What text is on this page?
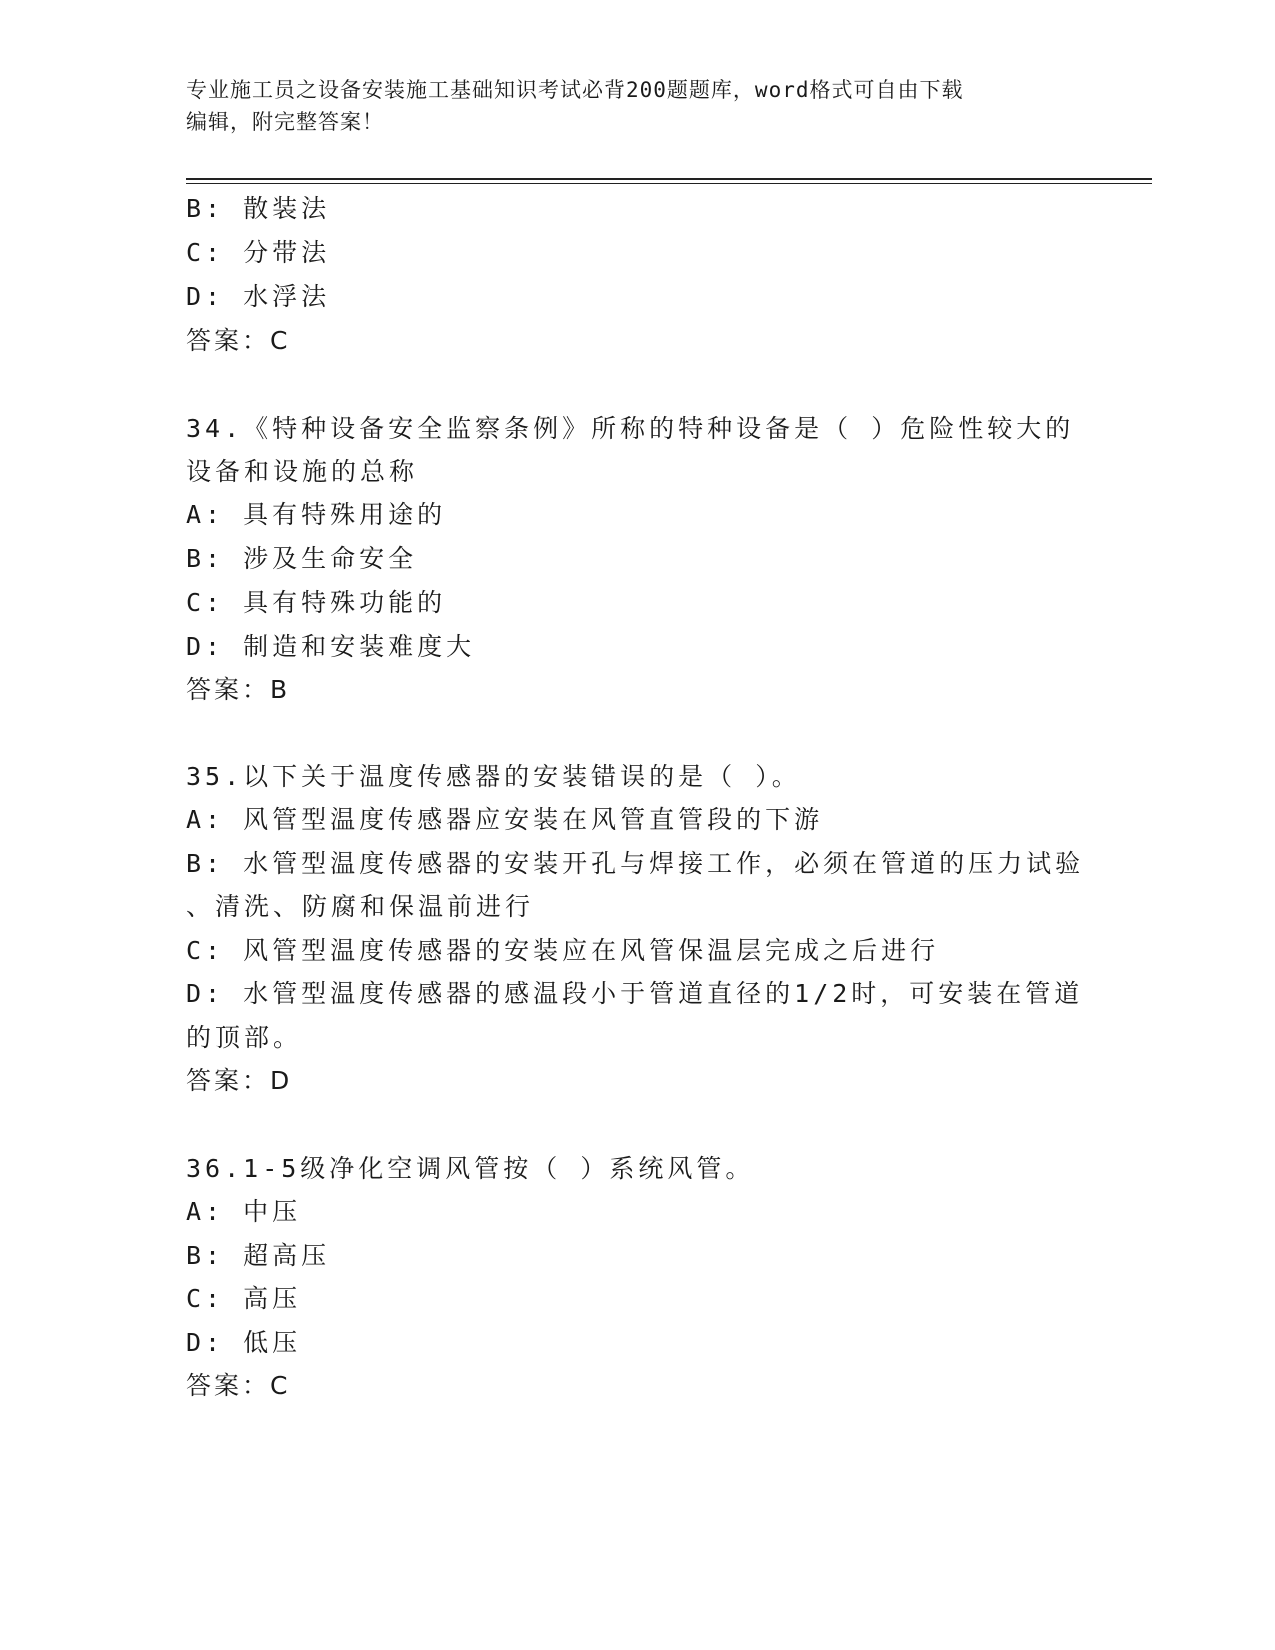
专业施工员之设备安装施工基础知识考试必背200题题库，word格式可自由下载
编辑，附完整答案！
B: 散装法
C: 分带法
D: 水浮法
答案：C
34.《特种设备安全监察条例》所称的特种设备是（ ）危险性较大的
设备和设施的总称
A: 具有特殊用途的
B: 涉及生命安全
C: 具有特殊功能的
D: 制造和安装难度大
答案：B
35.以下关于温度传感器的安装错误的是（ ）。
A: 风管型温度传感器应安装在风管直管段的下游
B: 水管型温度传感器的安装开孔与焊接工作，必须在管道的压力试验
、清洗、防腐和保温前进行
C: 风管型温度传感器的安装应在风管保温层完成之后进行
D: 水管型温度传感器的感温段小于管道直径的1/2时，可安装在管道
的顶部。
答案：D
36.1-5级净化空调风管按（ ）系统风管。
A: 中压
B: 超高压
C: 高压
D: 低压
答案：C
